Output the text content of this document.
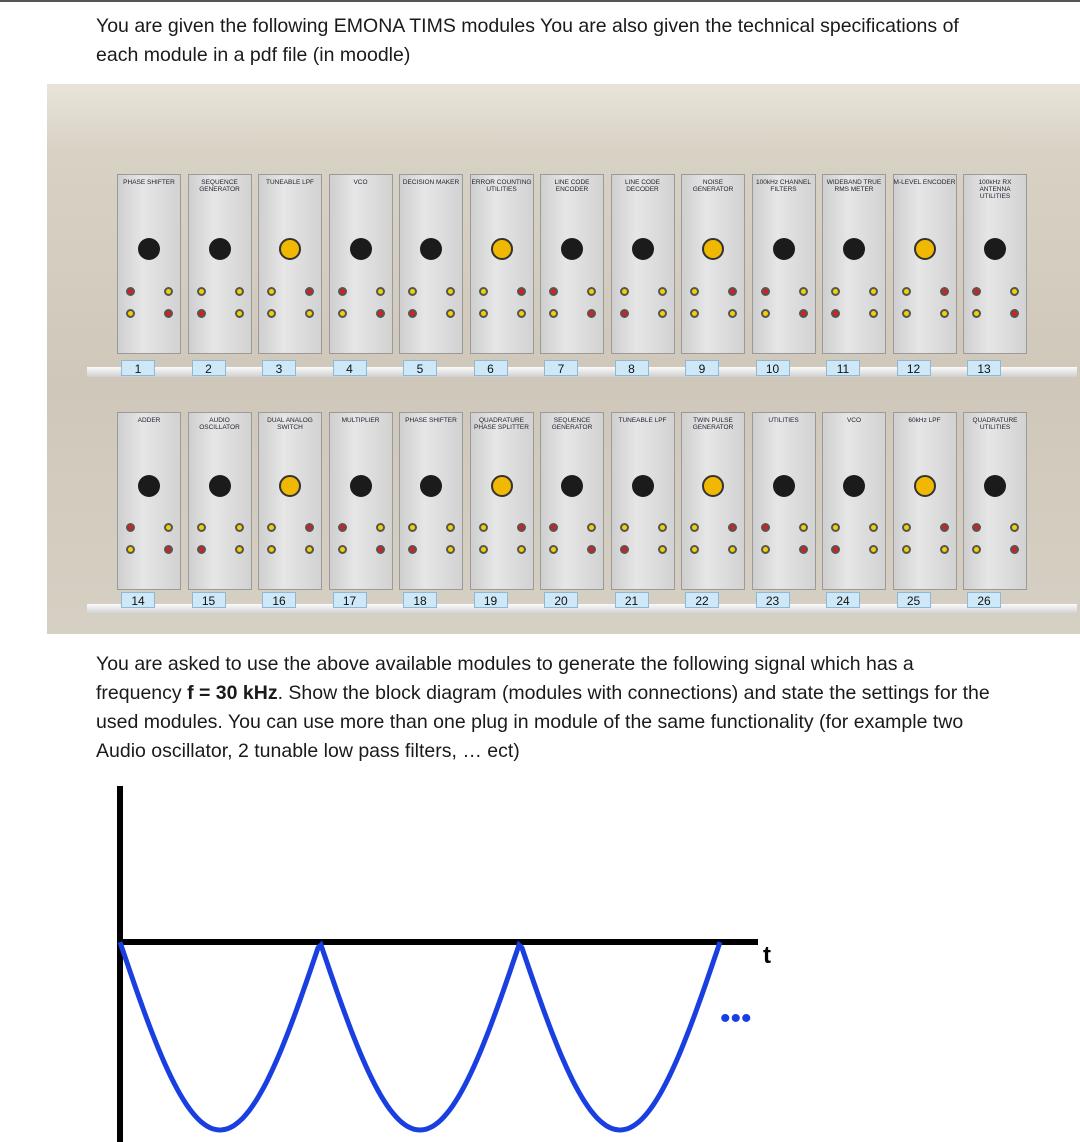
You are given the following EMONA TIMS modules You are also given the technical specifications of each module in a pdf file (in moodle)
PHASE SHIFTER
1
SEQUENCE GENERATOR
2
TUNEABLE LPF
3
VCO
4
DECISION MAKER
5
ERROR COUNTING UTILITIES
6
LINE CODE ENCODER
7
LINE CODE DECODER
8
NOISE GENERATOR
9
100kHz CHANNEL FILTERS
10
WIDEBAND TRUE RMS METER
11
M-LEVEL ENCODER
12
100kHz RX ANTENNA UTILITIES
13
ADDER
14
AUDIO OSCILLATOR
15
DUAL ANALOG SWITCH
16
MULTIPLIER
17
PHASE SHIFTER
18
QUADRATURE PHASE SPLITTER
19
SEQUENCE GENERATOR
20
TUNEABLE LPF
21
TWIN PULSE GENERATOR
22
UTILITIES
23
VCO
24
60kHz LPF
25
QUADRATURE UTILITIES
26
You are asked to use the above available modules to generate the following signal which has a frequency f = 30 kHz. Show the block diagram (modules with connections) and state the settings for the used modules. You can use more than one plug in module of the same functionality (for example two Audio oscillator, 2 tunable low pass filters, … ect)
t
•••
